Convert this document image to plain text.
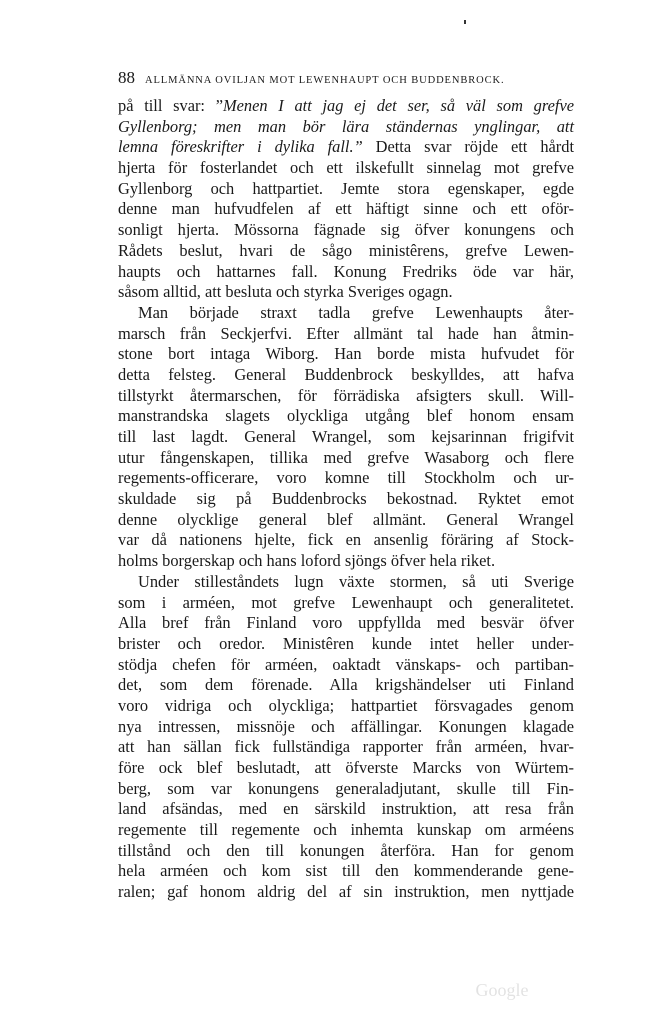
88 ALLMÄNNA OVILJAN MOT LEWENHAUPT OCH BUDDENBROCK.
på till svar: ”Menen I att jag ej det ser, så väl som grefve
Gyllenborg; men man bör lära ständernas ynglingar, att
lemna föreskrifter i dylika fall.” Detta svar röjde ett hårdt
hjerta för fosterlandet och ett ilskefullt sinnelag mot grefve
Gyllenborg och hattpartiet. Jemte stora egenskaper, egde
denne man hufvudfelen af ett häftigt sinne och ett oför-
sonligt hjerta. Mössorna fägnade sig öfver konungens och
Rådets beslut, hvari de sågo ministêrens, grefve Lewen-
haupts och hattarnes fall. Konung Fredriks öde var här,
såsom alltid, att besluta och styrka Sveriges ogagn.
Man började straxt tadla grefve Lewenhaupts åter-
marsch från Seckjerfvi. Efter allmänt tal hade han åtmin-
stone bort intaga Wiborg. Han borde mista hufvudet för
detta felsteg. General Buddenbrock beskylldes, att hafva
tillstyrkt återmarschen, för förrädiska afsigters skull. Will-
manstrandska slagets olyckliga utgång blef honom ensam
till last lagdt. General Wrangel, som kejsarinnan frigifvit
utur fångenskapen, tillika med grefve Wasaborg och flere
regements-officerare, voro komne till Stockholm och ur-
skuldade sig på Buddenbrocks bekostnad. Ryktet emot
denne olycklige general blef allmänt. General Wrangel
var då nationens hjelte, fick en ansenlig föräring af Stock-
holms borgerskap och hans loford sjöngs öfver hela riket.
Under stilleståndets lugn växte stormen, så uti Sverige
som i arméen, mot grefve Lewenhaupt och generalitetet.
Alla bref från Finland voro uppfyllda med besvär öfver
brister och oredor. Ministêren kunde intet heller under-
stödja chefen för arméen, oaktadt vänskaps- och partiban-
det, som dem förenade. Alla krigshändelser uti Finland
voro vidriga och olyckliga; hattpartiet försvagades genom
nya intressen, missnöje och affällingar. Konungen klagade
att han sällan fick fullständiga rapporter från arméen, hvar-
före ock blef beslutadt, att öfverste Marcks von Würtem-
berg, som var konungens generaladjutant, skulle till Fin-
land afsändas, med en särskild instruktion, att resa från
regemente till regemente och inhemta kunskap om arméens
tillstånd och den till konungen återföra. Han for genom
hela arméen och kom sist till den kommenderande gene-
ralen; gaf honom aldrig del af sin instruktion, men nyttjade
Google
